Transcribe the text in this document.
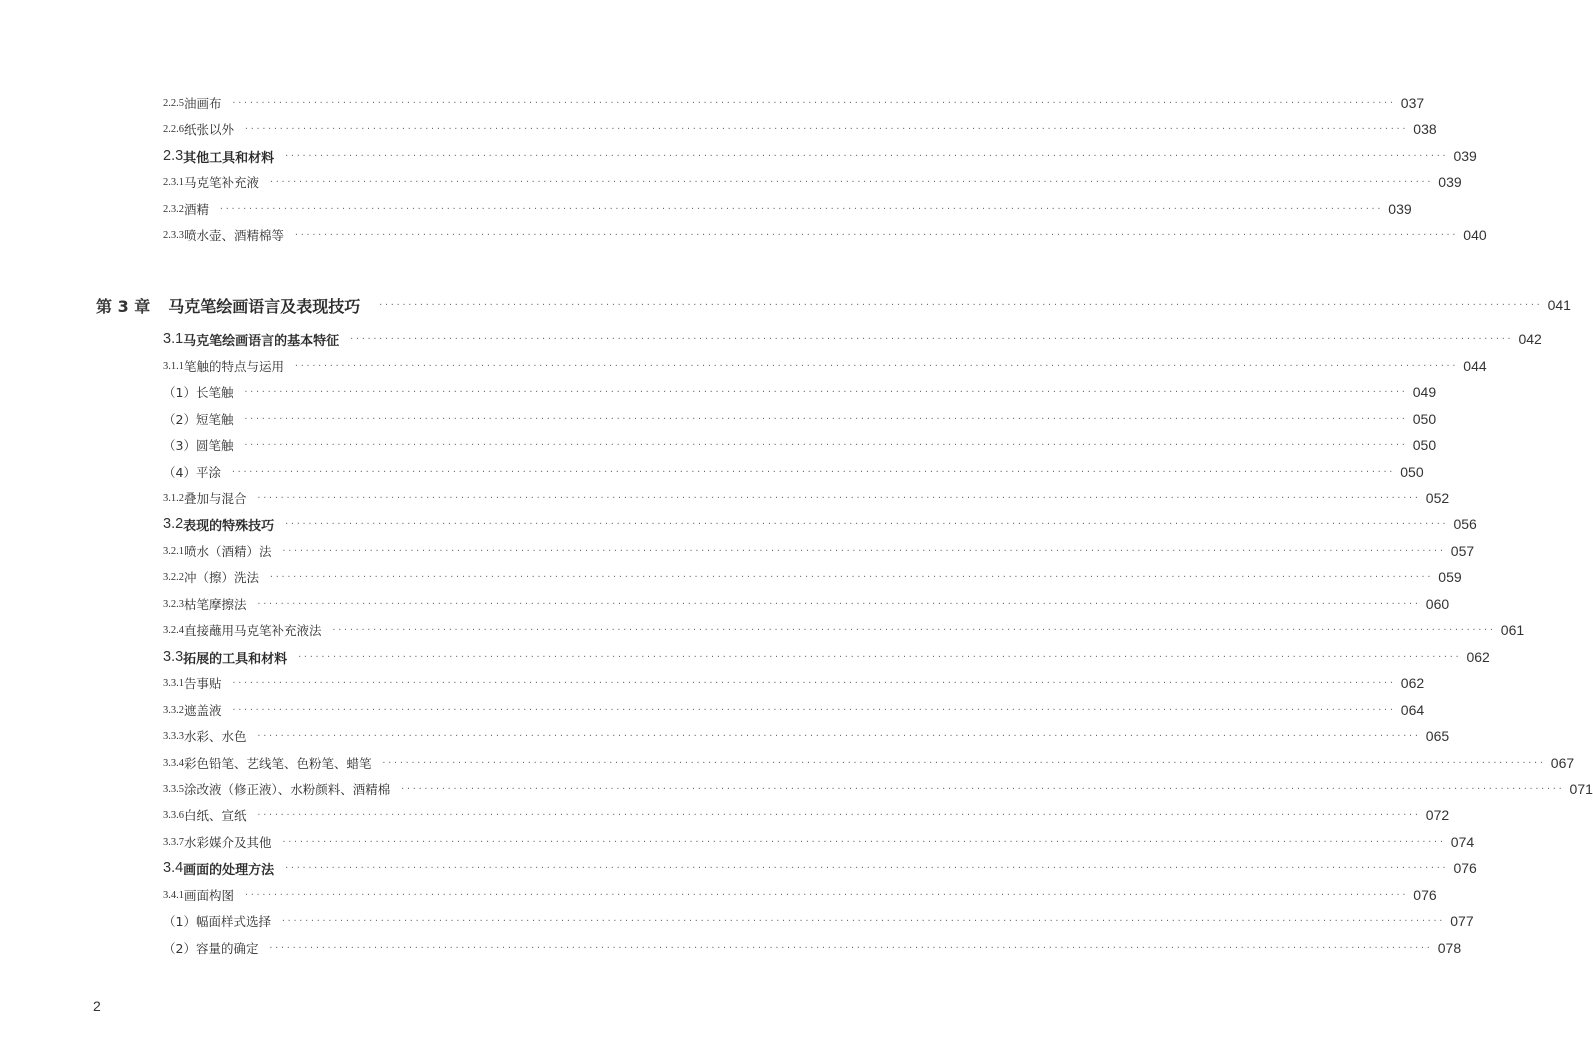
2.2.5 油画布 ········································································································································································································ 037
2.2.6 纸张以外 ········································································································································································································ 038
2.3 其他工具和材料 ········································································································································································································ 039
2.3.1 马克笔补充液 ········································································································································································································ 039
2.3.2 酒精 ········································································································································································································ 039
2.3.3 喷水壶、酒精棉等 ········································································································································································································ 040
第 3 章 马克笔绘画语言及表现技巧 ········································································································································································································ 041
3.1 马克笔绘画语言的基本特征 ········································································································································································································ 042
3.1.1 笔触的特点与运用 ········································································································································································································ 044
（1） 长笔触 ········································································································································································································ 049
（2） 短笔触 ········································································································································································································ 050
（3） 圆笔触 ········································································································································································································ 050
（4） 平涂 ········································································································································································································ 050
3.1.2 叠加与混合 ········································································································································································································ 052
3.2 表现的特殊技巧 ········································································································································································································ 056
3.2.1 喷水（酒精）法 ········································································································································································································ 057
3.2.2 冲（擦）洗法 ········································································································································································································ 059
3.2.3 枯笔摩擦法 ········································································································································································································ 060
3.2.4 直接蘸用马克笔补充液法 ········································································································································································································ 061
3.3 拓展的工具和材料 ········································································································································································································ 062
3.3.1 告事贴 ········································································································································································································ 062
3.3.2 遮盖液 ········································································································································································································ 064
3.3.3 水彩、水色 ········································································································································································································ 065
3.3.4 彩色铅笔、艺线笔、色粉笔、蜡笔 ········································································································································································································ 067
3.3.5 涂改液（修正液）、水粉颜料、酒精棉 ········································································································································································································ 071
3.3.6 白纸、宣纸 ········································································································································································································ 072
3.3.7 水彩媒介及其他 ········································································································································································································ 074
3.4 画面的处理方法 ········································································································································································································ 076
3.4.1 画面构图 ········································································································································································································ 076
（1） 幅面样式选择 ········································································································································································································ 077
（2） 容量的确定 ········································································································································································································ 078
2
